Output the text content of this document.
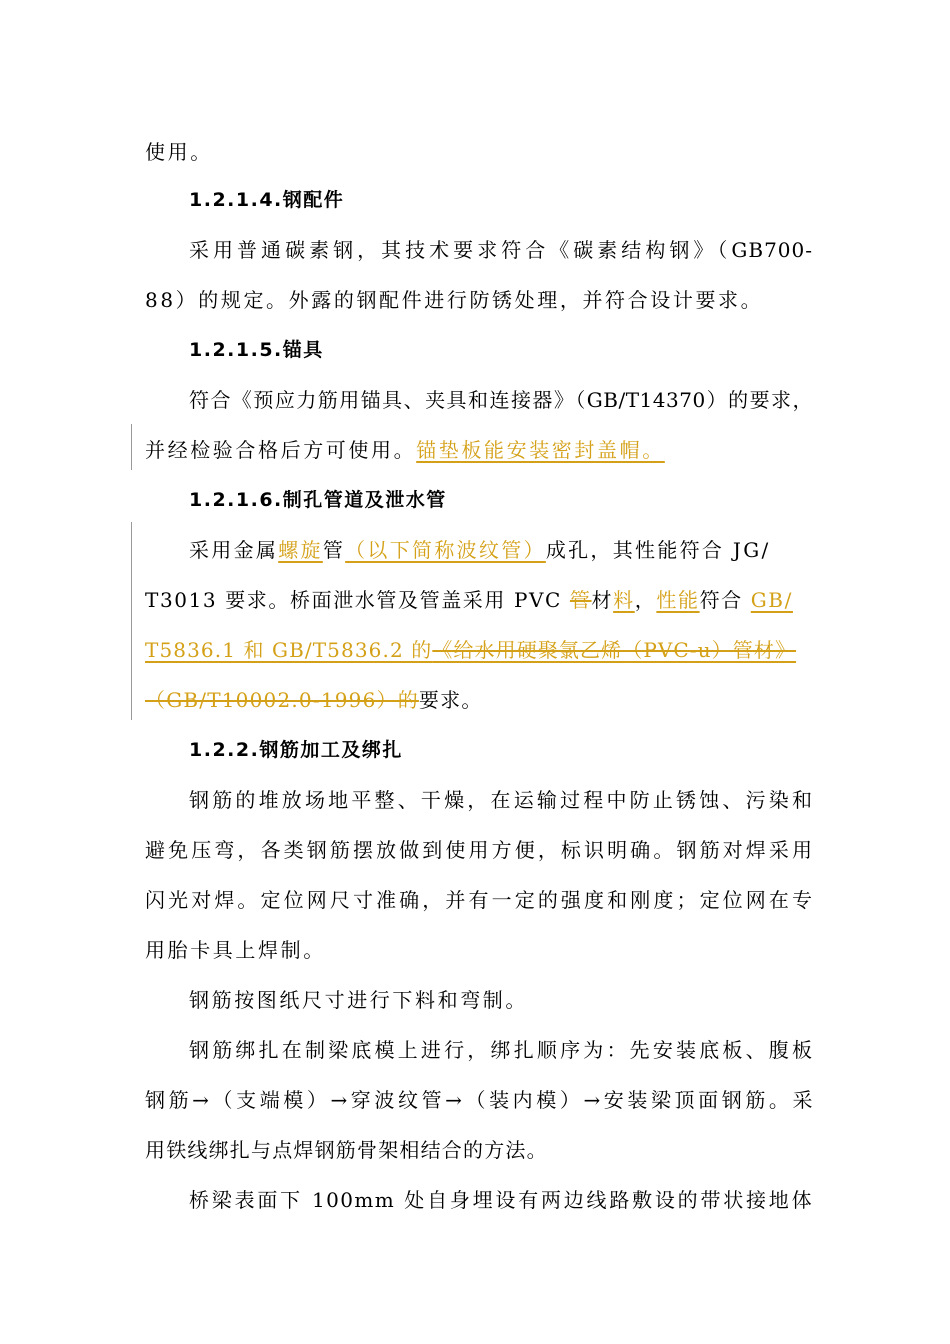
使用。
1.2.1.4.钢配件
采用普通碳素钢，其技术要求符合《碳素结构钢》（GB700-
88）的规定。外露的钢配件进行防锈处理，并符合设计要求。
1.2.1.5.锚具
符合《预应力筋用锚具、夹具和连接器》（GB/T14370）的要求，
并经检验合格后方可使用。锚垫板能安装密封盖帽。
1.2.1.6.制孔管道及泄水管
采用金属螺旋管（以下简称波纹管）成孔，其性能符合 JG/
T3013 要求。桥面泄水管及管盖采用 PVC 管材料，性能符合 GB/
T5836.1 和 GB/T5836.2 的《给水用硬聚氯乙烯（PVC-u）管材》
（GB/T10002.0-1996）的要求。
1.2.2.钢筋加工及绑扎
钢筋的堆放场地平整、干燥，在运输过程中防止锈蚀、污染和
避免压弯，各类钢筋摆放做到使用方便，标识明确。钢筋对焊采用
闪光对焊。定位网尺寸准确，并有一定的强度和刚度；定位网在专
用胎卡具上焊制。
钢筋按图纸尺寸进行下料和弯制。
钢筋绑扎在制梁底模上进行，绑扎顺序为：先安装底板、腹板
钢筋→（支端模）→穿波纹管→（装内模）→安装梁顶面钢筋。采
用铁线绑扎与点焊钢筋骨架相结合的方法。
桥梁表面下 100mm 处自身埋设有两边线路敷设的带状接地体
